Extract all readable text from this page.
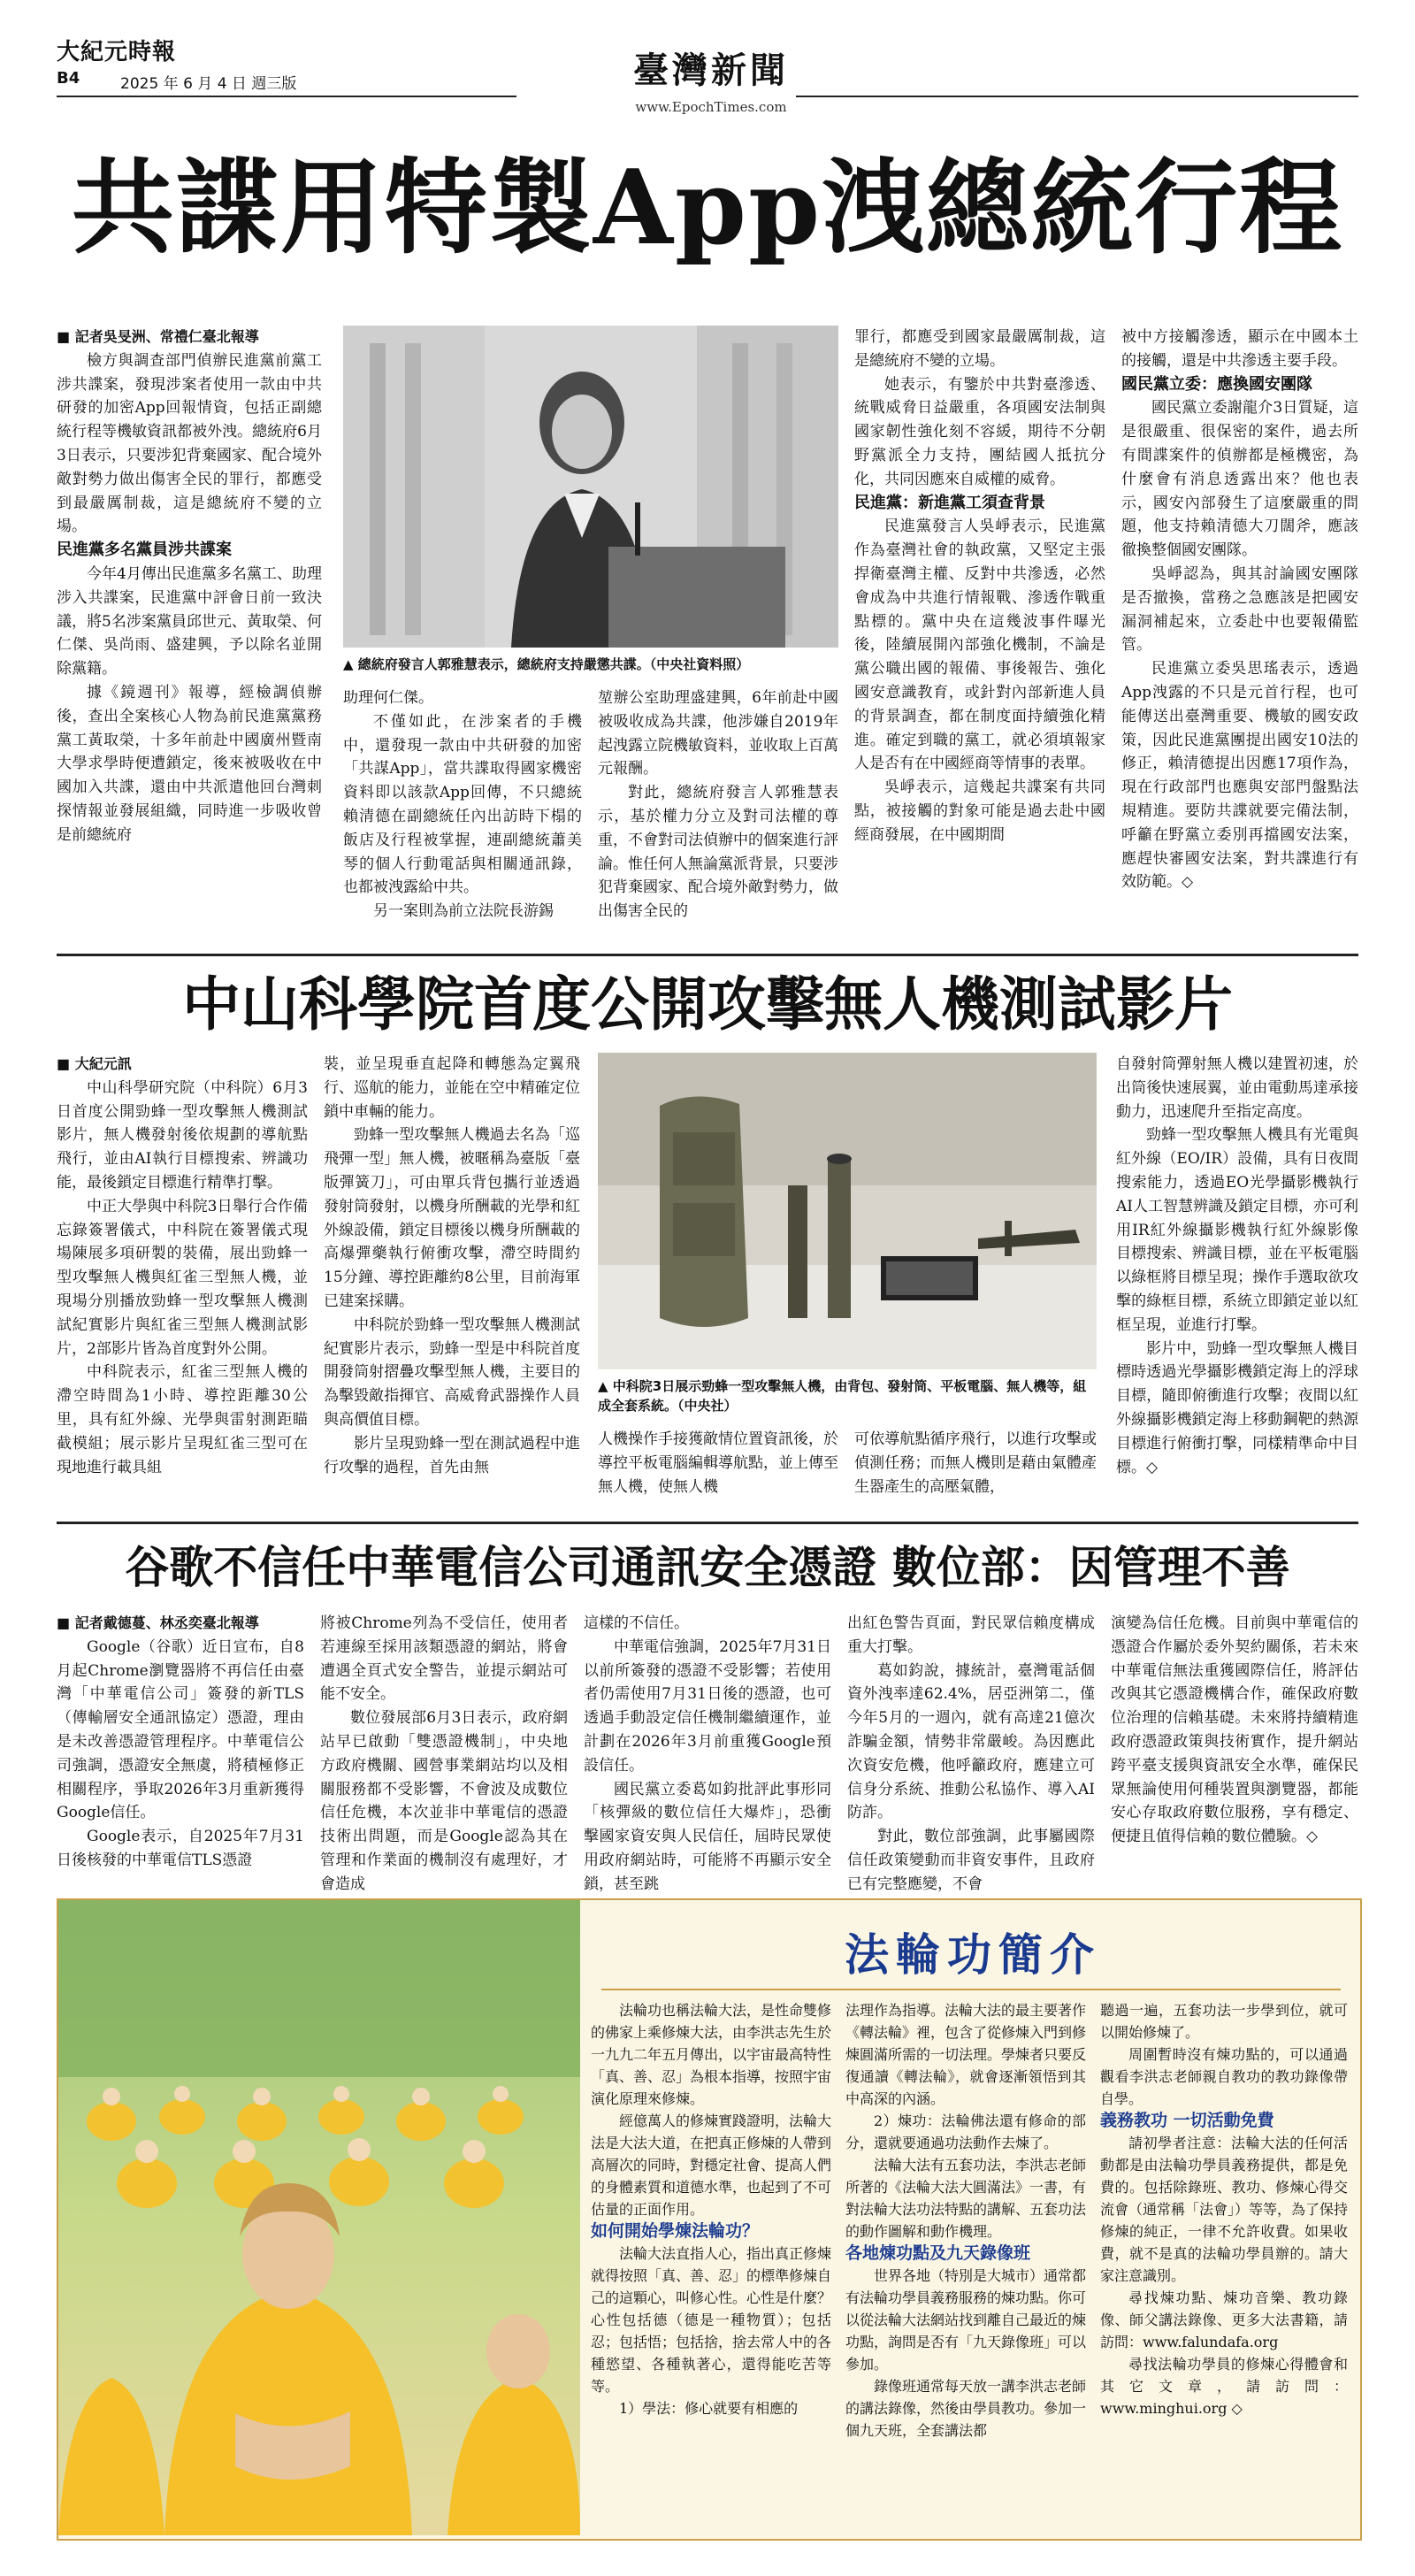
大紀元時報
B4	2025 年 6 月 4 日 週三版	臺灣新聞
www.EpochTimes.com
共諜用特製App洩總統行程

■ 記者吳旻洲、常禮仁臺北報導

檢方與調查部門偵辦民進黨前黨工涉共諜案，發現涉案者使用一款由中共研發的加密App回報情資，包括正副總統行程等機敏資訊都被外洩。總統府6月3日表示，只要涉犯背棄國家、配合境外敵對勢力做出傷害全民的罪行，都應受到最嚴厲制裁，這是總統府不變的立場。

民進黨多名黨員涉共諜案

今年4月傳出民進黨多名黨工、助理涉入共諜案，民進黨中評會日前一致決議，將5名涉案黨員邱世元、黃取榮、何仁傑、吳尚雨、盛建興，予以除名並開除黨籍。

據《鏡週刊》報導，經檢調偵辦後，查出全案核心人物為前民進黨黨務黨工黃取榮，十多年前赴中國廣州暨南大學求學時便遭鎖定，後來被吸收在中國加入共諜，還由中共派遣他回台灣刺探情報並發展組織，同時進一步吸收曾是前總統府

▲ 總統府發言人郭雅慧表示，總統府支持嚴懲共諜。（中央社資料照）

助理何仁傑。

不僅如此，在涉案者的手機中，還發現一款由中共研發的加密「共謀App」，當共諜取得國家機密資料即以該款App回傳，不只總統賴清德在副總統任內出訪時下榻的飯店及行程被掌握，連副總統蕭美琴的個人行動電話與相關通訊錄，也都被洩露給中共。

另一案則為前立法院長游錫

堃辦公室助理盛建興，6年前赴中國被吸收成為共諜，他涉嫌自2019年起洩露立院機敏資料，並收取上百萬元報酬。

對此，總統府發言人郭雅慧表示，基於權力分立及對司法權的尊重，不會對司法偵辦中的個案進行評論。惟任何人無論黨派背景，只要涉犯背棄國家、配合境外敵對勢力，做出傷害全民的

罪行，都應受到國家最嚴厲制裁，這是總統府不變的立場。

她表示，有鑒於中共對臺滲透、統戰威脅日益嚴重，各項國安法制與國家韌性強化刻不容緩，期待不分朝野黨派全力支持，團結國人抵抗分化，共同因應來自威權的威脅。

民進黨：新進黨工須查背景

民進黨發言人吳崢表示，民進黨作為臺灣社會的執政黨，又堅定主張捍衛臺灣主權、反對中共滲透，必然會成為中共進行情報戰、滲透作戰重點標的。黨中央在這幾波事件曝光後，陸續展開內部強化機制，不論是黨公職出國的報備、事後報告、強化國安意識教育，或針對內部新進人員的背景調查，都在制度面持續強化精進。確定到職的黨工，就必須填報家人是否有在中國經商等情事的表單。

吳崢表示，這幾起共諜案有共同點，被接觸的對象可能是過去赴中國經商發展，在中國期間

被中方接觸滲透，顯示在中國本土的接觸，還是中共滲透主要手段。

國民黨立委：應換國安團隊

國民黨立委謝龍介3日質疑，這是很嚴重、很保密的案件，過去所有間諜案件的偵辦都是極機密，為什麼會有消息透露出來？他也表示，國安內部發生了這麼嚴重的問題，他支持賴清德大刀闊斧，應該徹換整個國安團隊。

吳崢認為，與其討論國安團隊是否撤換，當務之急應該是把國安漏洞補起來，立委赴中也要報備監管。

民進黨立委吳思瑤表示，透過App洩露的不只是元首行程，也可能傳送出臺灣重要、機敏的國安政策，因此民進黨團提出國安10法的修正，賴清德提出因應17項作為，現在行政部門也應與安部門盤點法規精進。要防共諜就要完備法制，呼籲在野黨立委別再擋國安法案，應趕快審國安法案，對共諜進行有效防範。◇

中山科學院首度公開攻擊無人機測試影片

■ 大紀元訊

中山科學研究院（中科院）6月3日首度公開勁蜂一型攻擊無人機測試影片，無人機發射後依規劃的導航點飛行，並由AI執行目標搜索、辨識功能，最後鎖定目標進行精準打擊。

中正大學與中科院3日舉行合作備忘錄簽署儀式，中科院在簽署儀式現場陳展多項研製的裝備，展出勁蜂一型攻擊無人機與紅雀三型無人機，並現場分別播放勁蜂一型攻擊無人機測試紀實影片與紅雀三型無人機測試影片，2部影片皆為首度對外公開。

中科院表示，紅雀三型無人機的滯空時間為1小時、導控距離30公里，具有紅外線、光學與雷射測距瞄截模組；展示影片呈現紅雀三型可在現地進行載具組

裝，並呈現垂直起降和轉態為定翼飛行、巡航的能力，並能在空中精確定位鎖中車輛的能力。

勁蜂一型攻擊無人機過去名為「巡飛彈一型」無人機，被暱稱為臺版「臺版彈簧刀」，可由單兵背包攜行並透過發射筒發射，以機身所酬載的光學和紅外線設備，鎖定目標後以機身所酬載的高爆彈藥執行俯衝攻擊，滯空時間約15分鐘、導控距離約8公里，目前海軍已建案採購。

中科院於勁蜂一型攻擊無人機測試紀實影片表示，勁蜂一型是中科院首度開發筒射摺疊攻擊型無人機，主要目的為擊毀敵指揮官、高威脅武器操作人員與高價值目標。

影片呈現勁蜂一型在測試過程中進行攻擊的過程，首先由無

▲ 中科院3日展示勁蜂一型攻擊無人機，由背包、發射筒、平板電腦、無人機等，組成全套系統。（中央社）

人機操作手接獲敵情位置資訊後，於導控平板電腦編輯導航點，並上傳至無人機，使無人機

可依導航點循序飛行，以進行攻擊或偵測任務；而無人機則是藉由氣體產生器產生的高壓氣體，

自發射筒彈射無人機以建置初速，於出筒後快速展翼，並由電動馬達承接動力，迅速爬升至指定高度。

勁蜂一型攻擊無人機具有光電與紅外線（EO/IR）設備，具有日夜間搜索能力，透過EO光學攝影機執行AI人工智慧辨識及鎖定目標，亦可利用IR紅外線攝影機執行紅外線影像目標搜索、辨識目標，並在平板電腦以綠框將目標呈現；操作手選取欲攻擊的綠框目標，系統立即鎖定並以紅框呈現，並進行打擊。

影片中，勁蜂一型攻擊無人機目標時透過光學攝影機鎖定海上的浮球目標，隨即俯衝進行攻擊；夜間以紅外線攝影機鎖定海上移動鋼靶的熱源目標進行俯衝打擊，同樣精準命中目標。◇

谷歌不信任中華電信公司通訊安全憑證 數位部：因管理不善

■ 記者戴德蔓、林丞奕臺北報導

Google（谷歌）近日宣布，自8月起Chrome瀏覽器將不再信任由臺灣「中華電信公司」簽發的新TLS（傳輸層安全通訊協定）憑證，理由是未改善憑證管理程序。中華電信公司強調，憑證安全無虞，將積極修正相關程序，爭取2026年3月重新獲得Google信任。

Google表示，自2025年7月31日後核發的中華電信TLS憑證

將被Chrome列為不受信任，使用者若連線至採用該類憑證的網站，將會遭遇全頁式安全警告，並提示網站可能不安全。

數位發展部6月3日表示，政府網站早已啟動「雙憑證機制」，中央地方政府機關、國營事業網站均以及相關服務都不受影響，不會波及成數位信任危機，本次並非中華電信的憑證技術出問題，而是Google認為其在管理和作業面的機制沒有處理好，才會造成

這樣的不信任。

中華電信強調，2025年7月31日以前所簽發的憑證不受影響；若使用者仍需使用7月31日後的憑證，也可透過手動設定信任機制繼續運作，並計劃在2026年3月前重獲Google預設信任。

國民黨立委葛如鈞批評此事形同「核彈級的數位信任大爆炸」，恐衝擊國家資安與人民信任，屆時民眾使用政府網站時，可能將不再顯示安全鎖，甚至跳

出紅色警告頁面，對民眾信賴度構成重大打擊。

葛如鈞說，據統計，臺灣電話個資外洩率達62.4%，居亞洲第二，僅今年5月的一週內，就有高達21億次詐騙金額，情勢非常嚴峻。為因應此次資安危機，他呼籲政府，應建立可信身分系統、推動公私協作、導入AI防詐。

對此，數位部強調，此事屬國際信任政策變動而非資安事件，且政府已有完整應變，不會

演變為信任危機。目前與中華電信的憑證合作屬於委外契約關係，若未來中華電信無法重獲國際信任，將評估改與其它憑證機構合作，確保政府數位治理的信賴基礎。未來將持續精進政府憑證政策與技術實作，提升網站跨平臺支援與資訊安全水準，確保民眾無論使用何種裝置與瀏覽器，都能安心存取政府數位服務，享有穩定、便捷且值得信賴的數位體驗。◇

法輪功簡介

法輪功也稱法輪大法，是性命雙修的佛家上乘修煉大法，由李洪志先生於一九九二年五月傳出，以宇宙最高特性「真、善、忍」為根本指導，按照宇宙演化原理來修煉。

經億萬人的修煉實踐證明，法輪大法是大法大道，在把真正修煉的人帶到高層次的同時，對穩定社會、提高人們的身體素質和道德水準，也起到了不可估量的正面作用。

如何開始學煉法輪功？

法輪大法直指人心，指出真正修煉就得按照「真、善、忍」的標準修煉自己的這顆心，叫修心性。心性是什麼？心性包括德（德是一種物質）；包括忍；包括悟；包括捨，捨去常人中的各種慾望、各種執著心，還得能吃苦等等。

1）學法：修心就要有相應的

法理作為指導。法輪大法的最主要著作《轉法輪》裡，包含了從修煉入門到修煉圓滿所需的一切法理。學煉者只要反復通讀《轉法輪》，就會逐漸領悟到其中高深的內涵。

2）煉功：法輪佛法還有修命的部分，還就要通過功法動作去煉了。

法輪大法有五套功法，李洪志老師所著的《法輪大法大圓滿法》一書，有對法輪大法功法特點的講解、五套功法的動作圖解和動作機理。

各地煉功點及九天錄像班

世界各地（特別是大城市）通常都有法輪功學員義務服務的煉功點。你可以從法輪大法網站找到離自己最近的煉功點，詢問是否有「九天錄像班」可以參加。

錄像班通常每天放一講李洪志老師的講法錄像，然後由學員教功。參加一個九天班，全套講法都

聽過一遍，五套功法一步學到位，就可以開始修煉了。

周圍暫時沒有煉功點的，可以通過觀看李洪志老師親自教功的教功錄像帶自學。

義務教功 一切活動免費

請初學者注意：法輪大法的任何活動都是由法輪功學員義務提供，都是免費的。包括除錄班、教功、修煉心得交流會（通常稱「法會」）等等，為了保持修煉的純正，一律不允許收費。如果收費，就不是真的法輪功學員辦的。請大家注意識別。

尋找煉功點、煉功音樂、教功錄像、師父講法錄像、更多大法書籍，請訪問：www.falundafa.org

尋找法輪功學員的修煉心得體會和其它文章，請訪問：www.minghui.org ◇
